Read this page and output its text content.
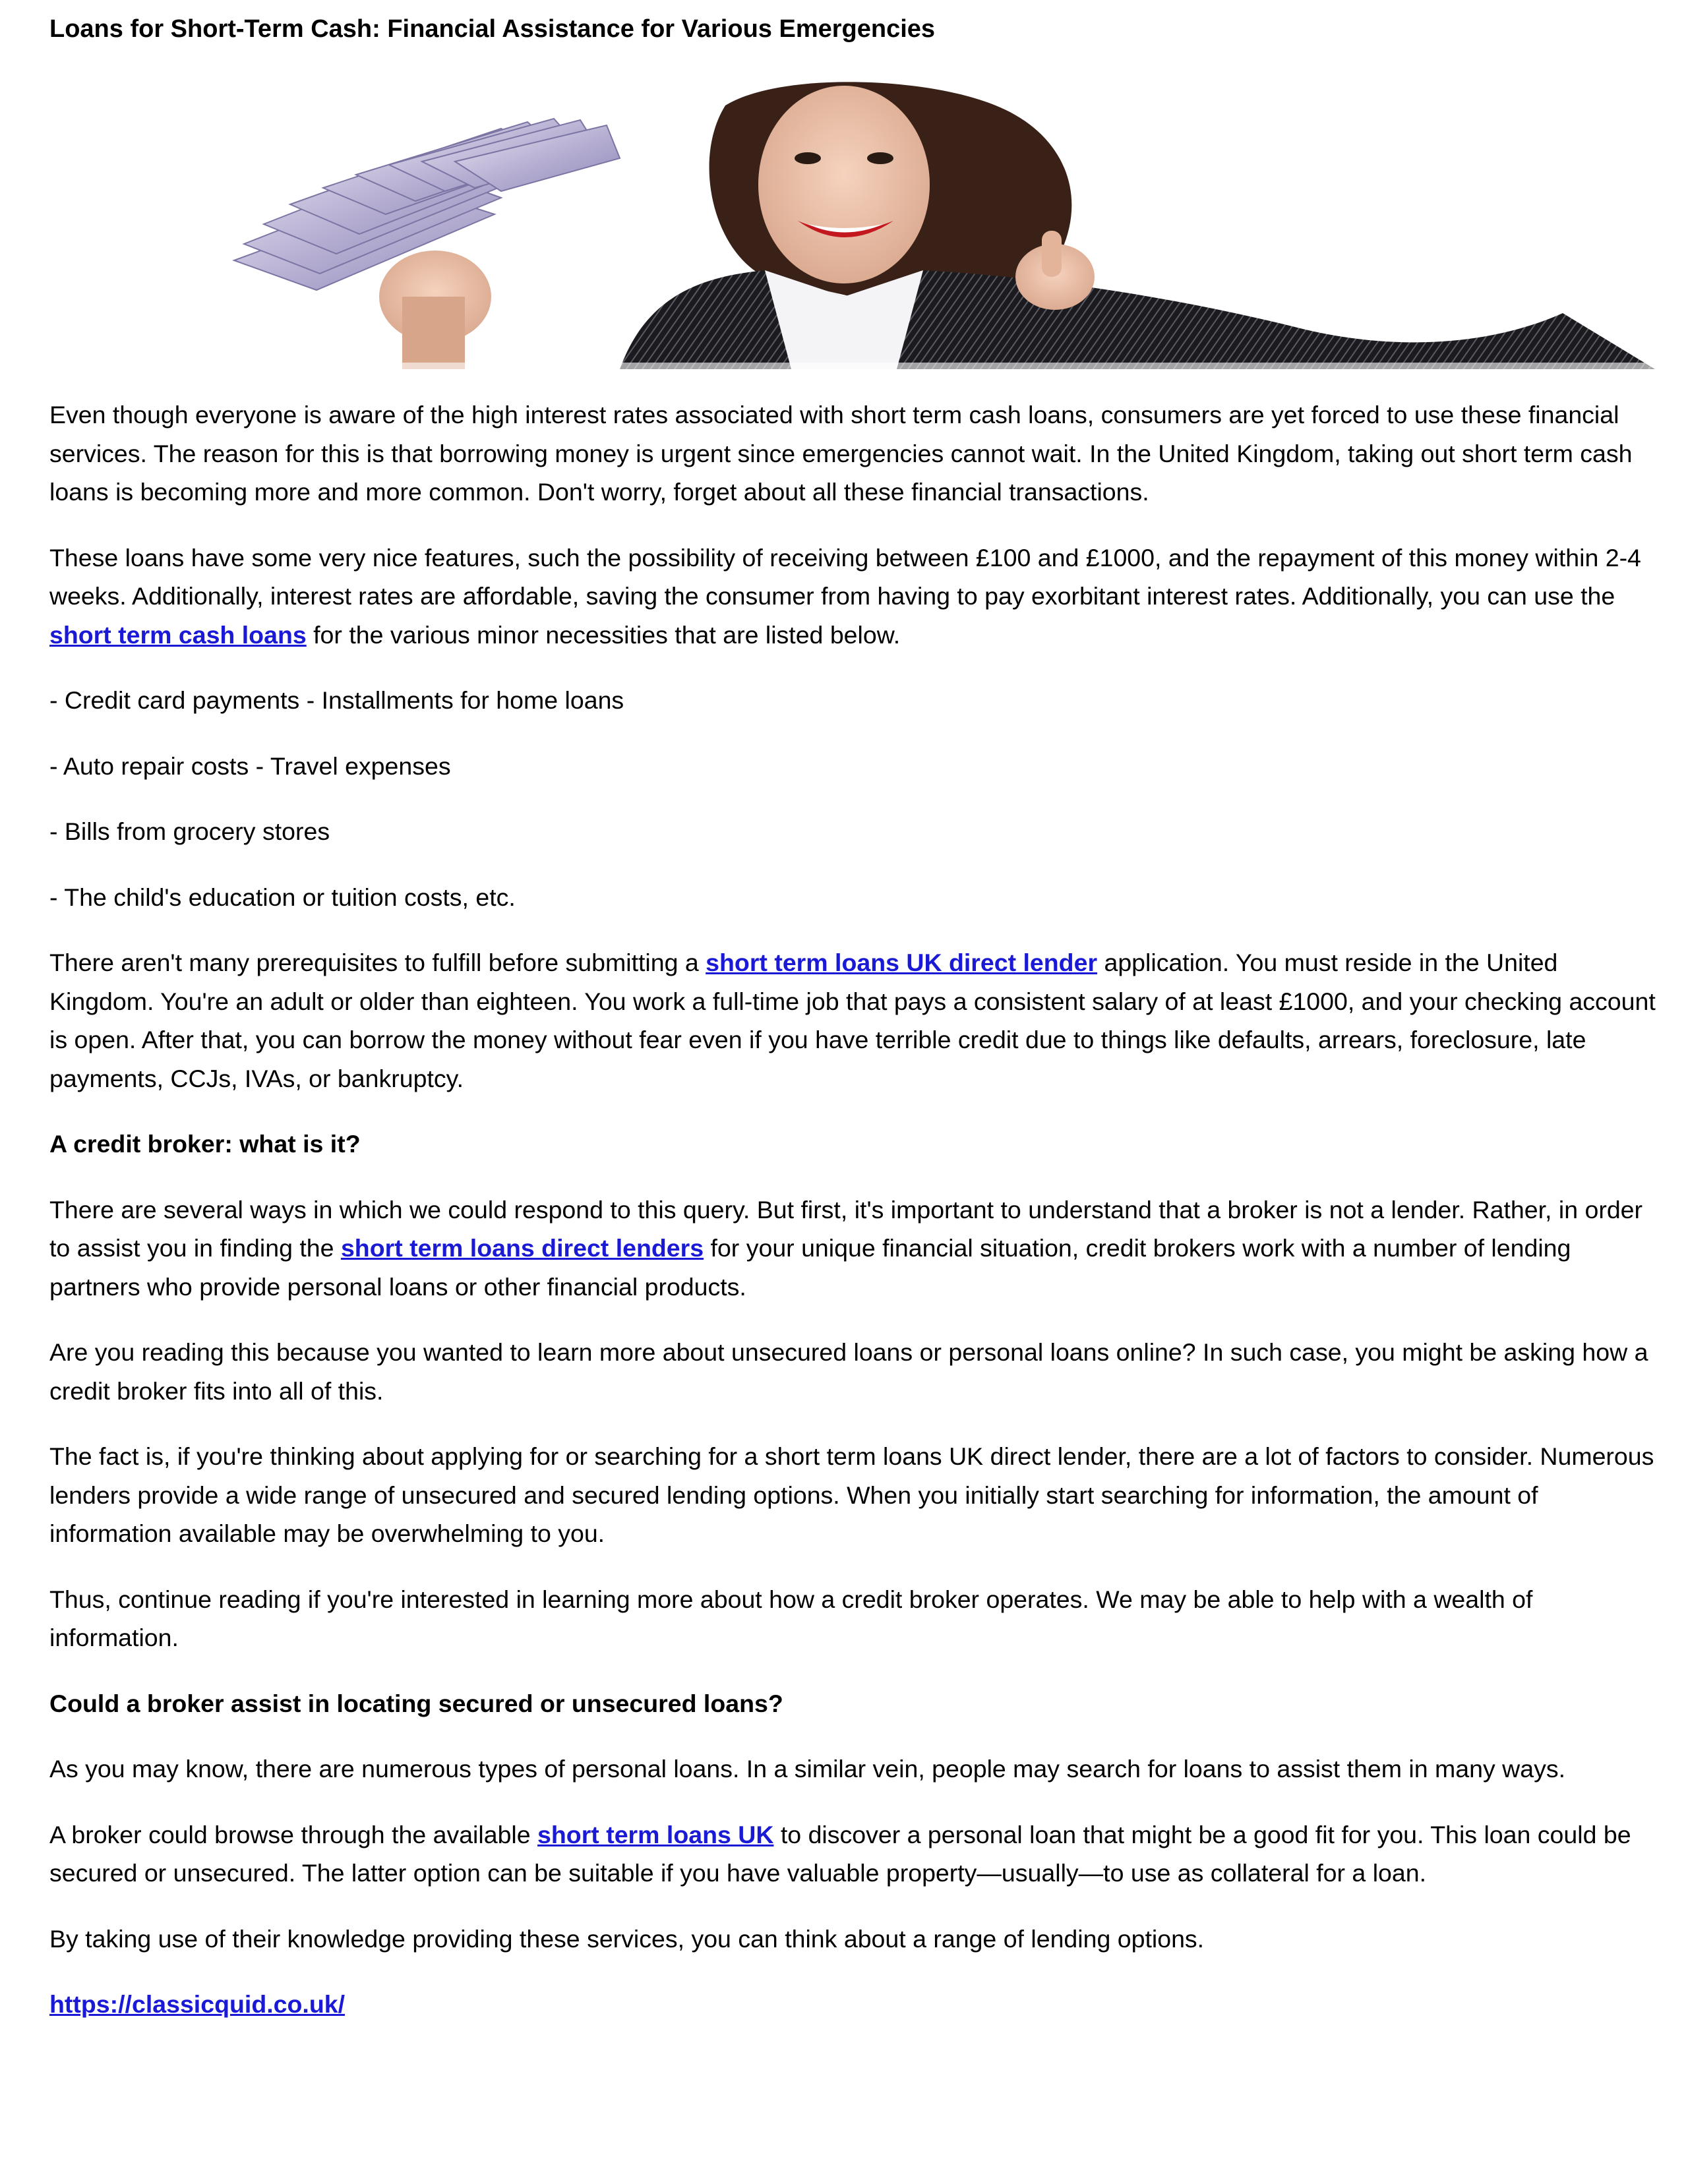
Loans for Short-Term Cash: Financial Assistance for Various Emergencies

Even though everyone is aware of the high interest rates associated with short term cash loans, consumers are yet forced to use these financial services. The reason for this is that borrowing money is urgent since emergencies cannot wait. In the United Kingdom, taking out short term cash loans is becoming more and more common. Don't worry, forget about all these financial transactions.

These loans have some very nice features, such the possibility of receiving between £100 and £1000, and the repayment of this money within 2-4 weeks. Additionally, interest rates are affordable, saving the consumer from having to pay exorbitant interest rates. Additionally, you can use the short term cash loans for the various minor necessities that are listed below.

- Credit card payments - Installments for home loans

- Auto repair costs - Travel expenses

- Bills from grocery stores

- The child's education or tuition costs, etc.

There aren't many prerequisites to fulfill before submitting a short term loans UK direct lender application. You must reside in the United Kingdom. You're an adult or older than eighteen. You work a full-time job that pays a consistent salary of at least £1000, and your checking account is open. After that, you can borrow the money without fear even if you have terrible credit due to things like defaults, arrears, foreclosure, late payments, CCJs, IVAs, or bankruptcy.

A credit broker: what is it?

There are several ways in which we could respond to this query. But first, it's important to understand that a broker is not a lender. Rather, in order to assist you in finding the short term loans direct lenders for your unique financial situation, credit brokers work with a number of lending partners who provide personal loans or other financial products.

Are you reading this because you wanted to learn more about unsecured loans or personal loans online? In such case, you might be asking how a credit broker fits into all of this.

The fact is, if you're thinking about applying for or searching for a short term loans UK direct lender, there are a lot of factors to consider. Numerous lenders provide a wide range of unsecured and secured lending options. When you initially start searching for information, the amount of information available may be overwhelming to you.

Thus, continue reading if you're interested in learning more about how a credit broker operates. We may be able to help with a wealth of information.

Could a broker assist in locating secured or unsecured loans?

As you may know, there are numerous types of personal loans. In a similar vein, people may search for loans to assist them in many ways.

A broker could browse through the available short term loans UK to discover a personal loan that might be a good fit for you. This loan could be secured or unsecured. The latter option can be suitable if you have valuable property—usually—to use as collateral for a loan.

By taking use of their knowledge providing these services, you can think about a range of lending options.

https://classicquid.co.uk/
